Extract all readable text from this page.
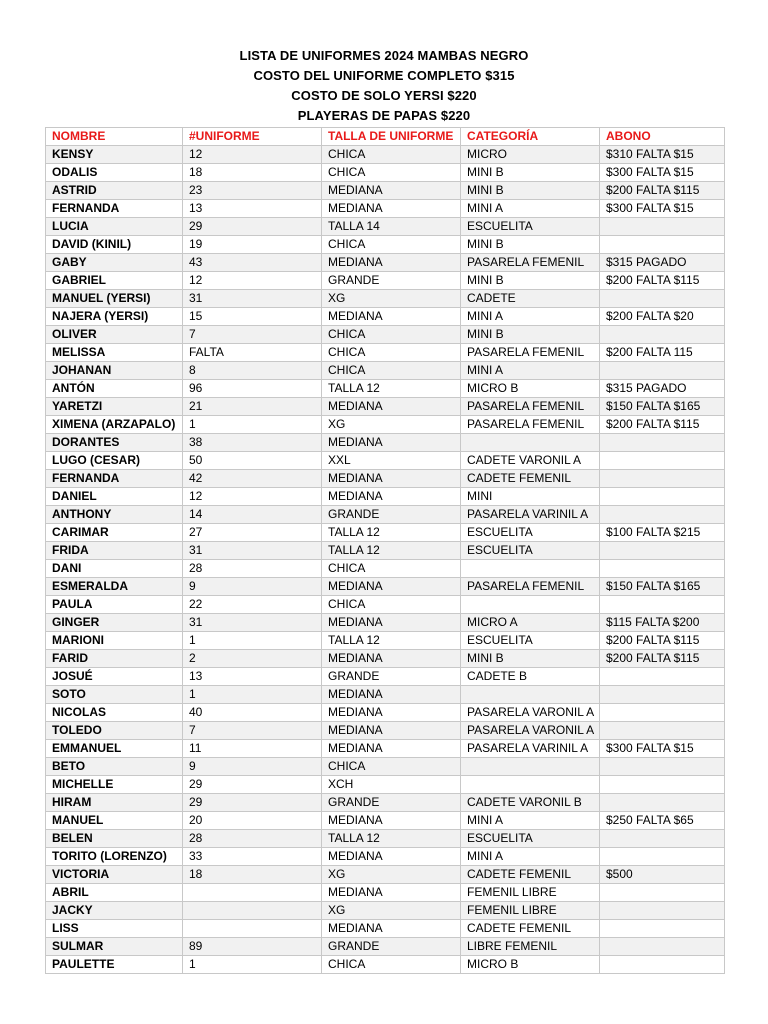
LISTA DE UNIFORMES 2024 MAMBAS NEGRO
COSTO DEL UNIFORME COMPLETO $315
COSTO DE SOLO YERSI $220
PLAYERAS DE PAPAS $220
NOMBRE	#UNIFORME	TALLA DE UNIFORME	CATEGORÍA	ABONO
KENSY	12	CHICA	MICRO	$310 FALTA $15
ODALIS	18	CHICA	MINI B	$300 FALTA $15
ASTRID	23	MEDIANA	MINI B	$200 FALTA $115
FERNANDA	13	MEDIANA	MINI A	$300 FALTA $15
LUCIA	29	TALLA 14	ESCUELITA	
DAVID (KINIL)	19	CHICA	MINI B	
GABY	43	MEDIANA	PASARELA FEMENIL	$315 PAGADO
GABRIEL	12	GRANDE	MINI B	$200 FALTA $115
MANUEL (YERSI)	31	XG	CADETE	
NAJERA (YERSI)	15	MEDIANA	MINI A	$200 FALTA $20
OLIVER	7	CHICA	MINI B	
MELISSA	FALTA	CHICA	PASARELA FEMENIL	$200 FALTA 115
JOHANAN	8	CHICA	MINI A	
ANTÓN	96	TALLA 12	MICRO B	$315 PAGADO
YARETZI	21	MEDIANA	PASARELA FEMENIL	$150 FALTA $165
XIMENA (ARZAPALO)	1	XG	PASARELA FEMENIL	$200 FALTA $115
DORANTES	38	MEDIANA		
LUGO (CESAR)	50	XXL	CADETE VARONIL A	
FERNANDA	42	MEDIANA	CADETE FEMENIL	
DANIEL	12	MEDIANA	MINI	
ANTHONY	14	GRANDE	PASARELA VARINIL A	
CARIMAR	27	TALLA 12	ESCUELITA	$100 FALTA $215
FRIDA	31	TALLA 12	ESCUELITA	
DANI	28	CHICA		
ESMERALDA	9	MEDIANA	PASARELA FEMENIL	$150 FALTA $165
PAULA	22	CHICA		
GINGER	31	MEDIANA	MICRO A	$115 FALTA $200
MARIONI	1	TALLA 12	ESCUELITA	$200 FALTA $115
FARID	2	MEDIANA	MINI B	$200 FALTA $115
JOSUÉ	13	GRANDE	CADETE B	
SOTO	1	MEDIANA		
NICOLAS	40	MEDIANA	PASARELA VARONIL A	
TOLEDO	7	MEDIANA	PASARELA VARONIL A	
EMMANUEL	11	MEDIANA	PASARELA VARINIL A	$300 FALTA $15
BETO	9	CHICA		
MICHELLE	29	XCH		
HIRAM	29	GRANDE	CADETE VARONIL B	
MANUEL	20	MEDIANA	MINI A	$250 FALTA $65
BELEN	28	TALLA 12	ESCUELITA	
TORITO (LORENZO)	33	MEDIANA	MINI A	
VICTORIA	18	XG	CADETE FEMENIL	$500
ABRIL		MEDIANA	FEMENIL LIBRE	
JACKY		XG	FEMENIL LIBRE	
LISS		MEDIANA	CADETE FEMENIL	
SULMAR	89	GRANDE	LIBRE FEMENIL	
PAULETTE	1	CHICA	MICRO B	
